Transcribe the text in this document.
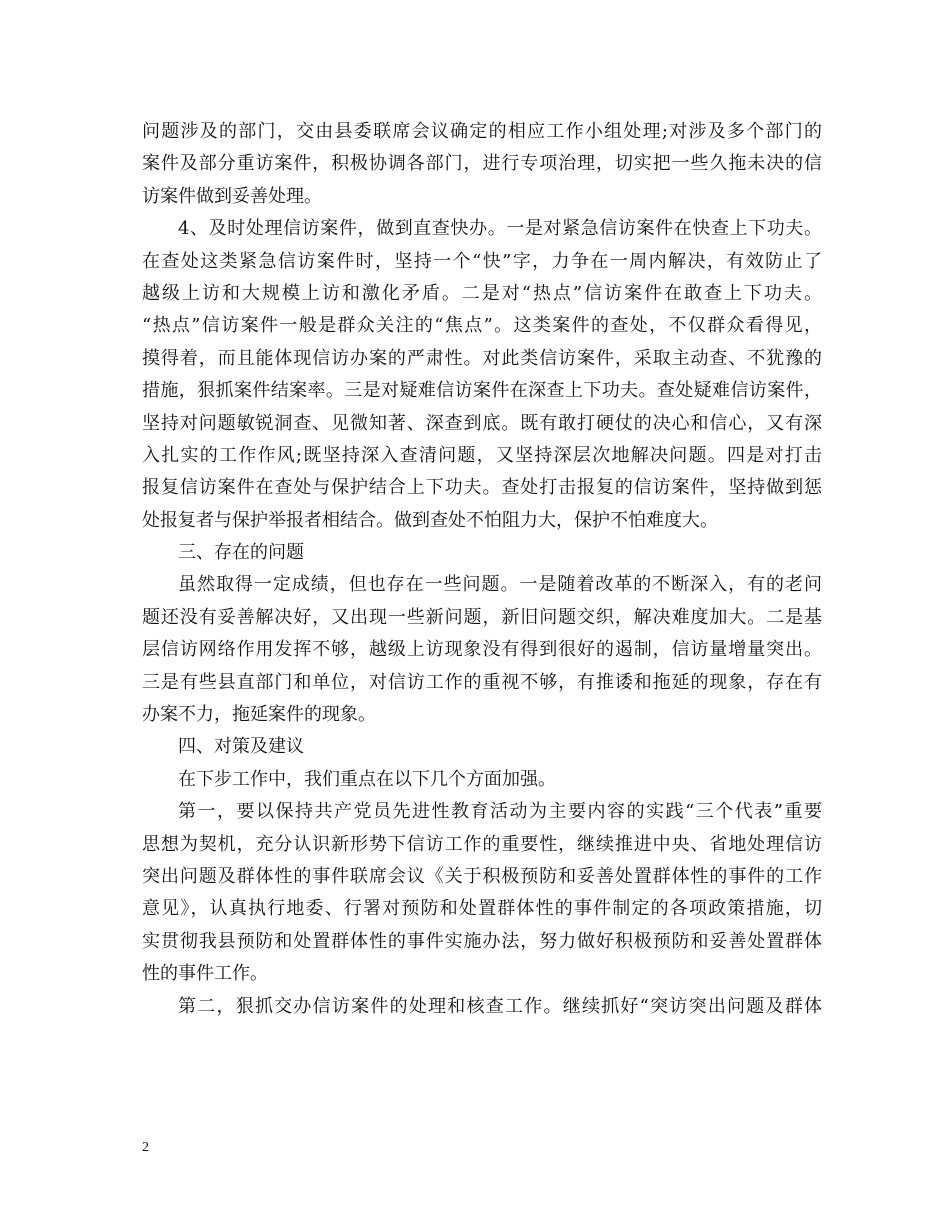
问题涉及的部门，交由县委联席会议确定的相应工作小组处理;对涉及多个部门的
案件及部分重访案件，积极协调各部门，进行专项治理，切实把一些久拖未决的信
访案件做到妥善处理。
4、及时处理信访案件，做到直查快办。一是对紧急信访案件在快查上下功夫。
在查处这类紧急信访案件时，坚持一个“快”字，力争在一周内解决，有效防止了
越级上访和大规模上访和激化矛盾。二是对“热点”信访案件在敢查上下功夫。
“热点”信访案件一般是群众关注的“焦点”。这类案件的查处，不仅群众看得见，
摸得着，而且能体现信访办案的严肃性。对此类信访案件，采取主动查、不犹豫的
措施，狠抓案件结案率。三是对疑难信访案件在深查上下功夫。查处疑难信访案件，
坚持对问题敏锐洞查、见微知著、深查到底。既有敢打硬仗的决心和信心，又有深
入扎实的工作作风;既坚持深入查清问题，又坚持深层次地解决问题。四是对打击
报复信访案件在查处与保护结合上下功夫。查处打击报复的信访案件，坚持做到惩
处报复者与保护举报者相结合。做到查处不怕阻力大，保护不怕难度大。
三、存在的问题
虽然取得一定成绩，但也存在一些问题。一是随着改革的不断深入，有的老问
题还没有妥善解决好，又出现一些新问题，新旧问题交织，解决难度加大。二是基
层信访网络作用发挥不够，越级上访现象没有得到很好的遏制，信访量增量突出。
三是有些县直部门和单位，对信访工作的重视不够，有推诿和拖延的现象，存在有
办案不力，拖延案件的现象。
四、对策及建议
在下步工作中，我们重点在以下几个方面加强。
第一，要以保持共产党员先进性教育活动为主要内容的实践“三个代表”重要
思想为契机，充分认识新形势下信访工作的重要性，继续推进中央、省地处理信访
突出问题及群体性的事件联席会议《关于积极预防和妥善处置群体性的事件的工作
意见》，认真执行地委、行署对预防和处置群体性的事件制定的各项政策措施，切
实贯彻我县预防和处置群体性的事件实施办法，努力做好积极预防和妥善处置群体
性的事件工作。
第二，狠抓交办信访案件的处理和核查工作。继续抓好“突访突出问题及群体
2
